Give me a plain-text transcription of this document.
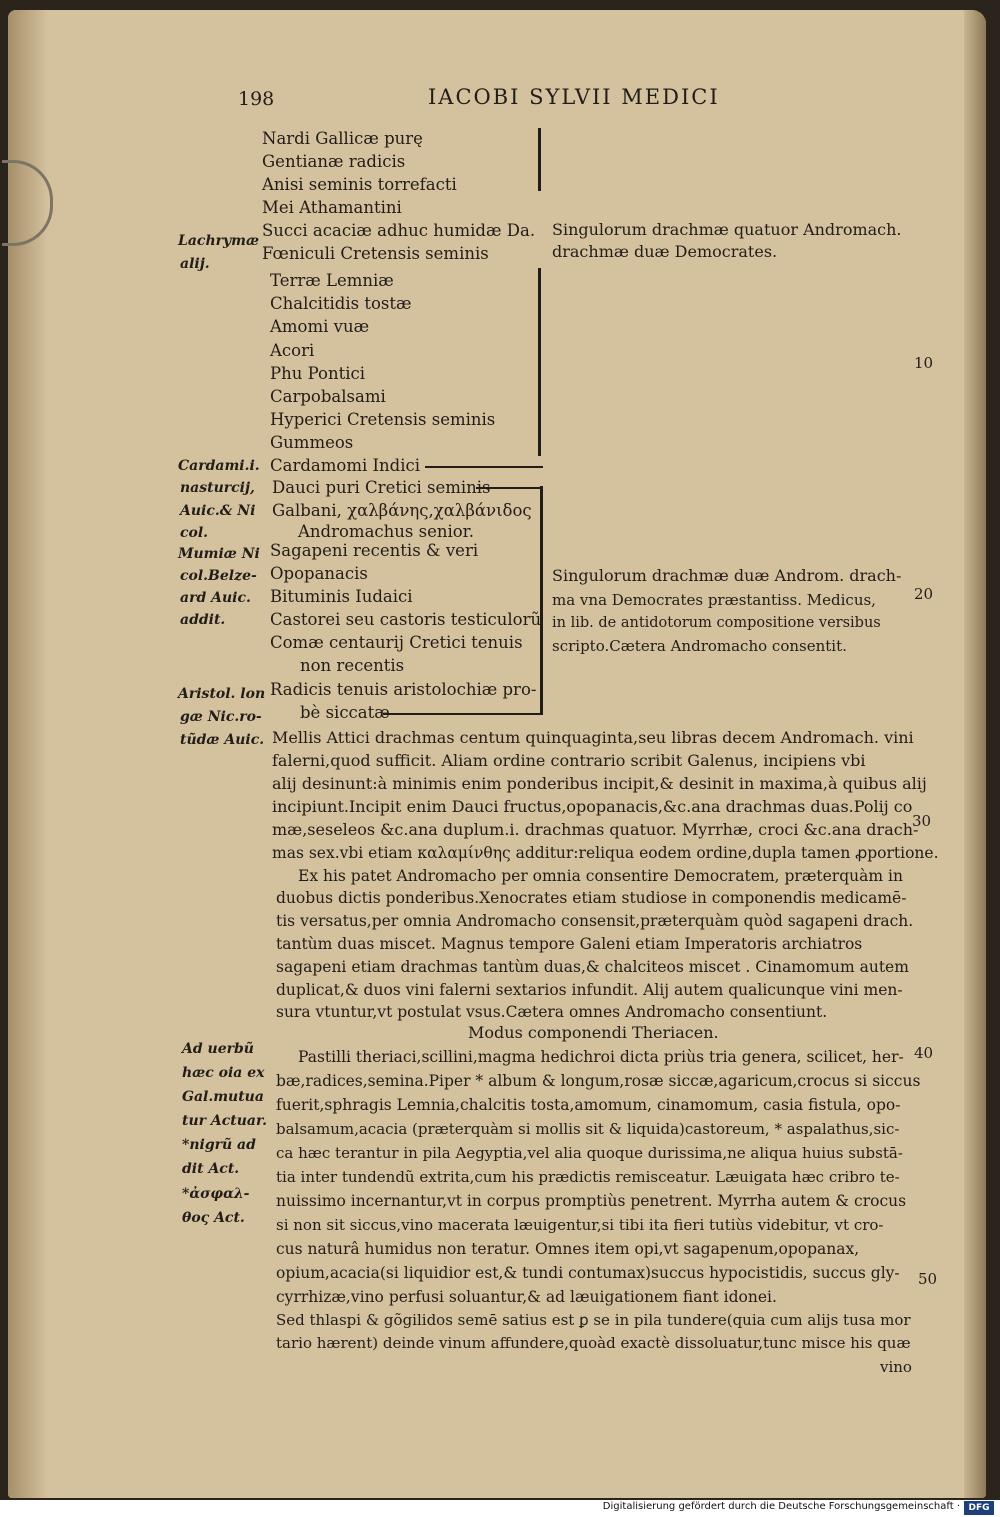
198	IACOBI SYLVII MEDICI
Nardi Gallicæ purę
Gentianæ radicis
Anisi seminis torrefacti
Mei Athamantini
Succi acaciæ adhuc humidæ Da.
Fœniculi Cretensis seminis
Terræ Lemniæ
Chalcitidis tostæ
Amomi vuæ
Acori
Phu Pontici
Carpobalsami
Hyperici Cretensis seminis
Gummeos
Cardamomi Indici
Dauci puri Cretici seminis
Galbani, χαλβάνης,χαλβάνιδος
Andromachus senior.
Sagapeni recentis & veri
Opopanacis
Bituminis Iudaici
Castorei seu castoris testiculorũ
Comæ centaurij Cretici tenuis
non recentis
Radicis tenuis aristolochiæ pro-
bè siccatæ
Singulorum drachmæ quatuor Andromach.
drachmæ duæ Democrates.
Singulorum drachmæ duæ Androm. drach-
ma vna Democrates præstantiss. Medicus,
in lib. de antidotorum compositione versibus
scripto.Cætera Andromacho consentit.
Lachrymæ
alij.
Cardami.i.
nasturcij,
Auic.& Ni
col.
Mumiæ Ni
col.Belze-
ard Auic.
addit.
Aristol. lon
gæ Nic.ro-
tũdæ Auic.
Ad uerbũ
hæc oia ex
Gal.mutua
tur Actuar.
*nigrũ ad
dit Act.
*ἀσφαλ-
θος Act.
10
20
30
40
50
Mellis Attici drachmas centum quinquaginta,seu libras decem Andromach. vini
falerni,quod sufficit. Aliam ordine contrario scribit Galenus, incipiens vbi
alij desinunt:à minimis enim ponderibus incipit,& desinit in maxima,à quibus alij
incipiunt.Incipit enim Dauci fructus,opopanacis,&c.ana drachmas duas.Polij co
mæ,seseleos &c.ana duplum.i. drachmas quatuor. Myrrhæ, croci &c.ana drach-
mas sex.vbi etiam καλαμίνθης additur:reliqua eodem ordine,dupla tamen ꝓportione.
Ex his patet Andromacho per omnia consentire Democratem, præterquàm in
duobus dictis ponderibus.Xenocrates etiam studiose in componendis medicamē-
tis versatus,per omnia Andromacho consensit,præterquàm quòd sagapeni drach.
tantùm duas miscet. Magnus tempore Galeni etiam Imperatoris archiatros
sagapeni etiam drachmas tantùm duas,& chalciteos miscet . Cinamomum autem
duplicat,& duos vini falerni sextarios infundit. Alij autem qualicunque vini men-
sura vtuntur,vt postulat vsus.Cætera omnes Andromacho consentiunt.
Modus componendi Theriacen.
Pastilli theriaci,scillini,magma hedichroi dicta priùs tria genera, scilicet, her-
bæ,radices,semina.Piper * album & longum,rosæ siccæ,agaricum,crocus si siccus
fuerit,sphragis Lemnia,chalcitis tosta,amomum, cinamomum, casia fistula, opo-
balsamum,acacia (præterquàm si mollis sit & liquida)castoreum, * aspalathus,sic-
ca hæc terantur in pila Aegyptia,vel alia quoque durissima,ne aliqua huius substā-
tia inter tundendũ extrita,cum his prædictis remisceatur. Læuigata hæc cribro te-
nuissimo incernantur,vt in corpus promptiùs penetrent. Myrrha autem & crocus
si non sit siccus,vino macerata læuigentur,si tibi ita fieri tutiùs videbitur, vt cro-
cus naturâ humidus non teratur. Omnes item opi,vt sagapenum,opopanax,
opium,acacia(si liquidior est,& tundi contumax)succus hypocistidis, succus gly-
cyrrhizæ,vino perfusi soluantur,& ad læuigationem fiant idonei.
Sed thlaspi & gõgilidos semē satius est ꝑ se in pila tundere(quia cum alijs tusa mor
tario hærent) deinde vinum affundere,quoàd exactè dissoluatur,tunc misce his quæ
vino
Digitalisierung gefördert durch die Deutsche Forschungsgemeinschaft · DFG
